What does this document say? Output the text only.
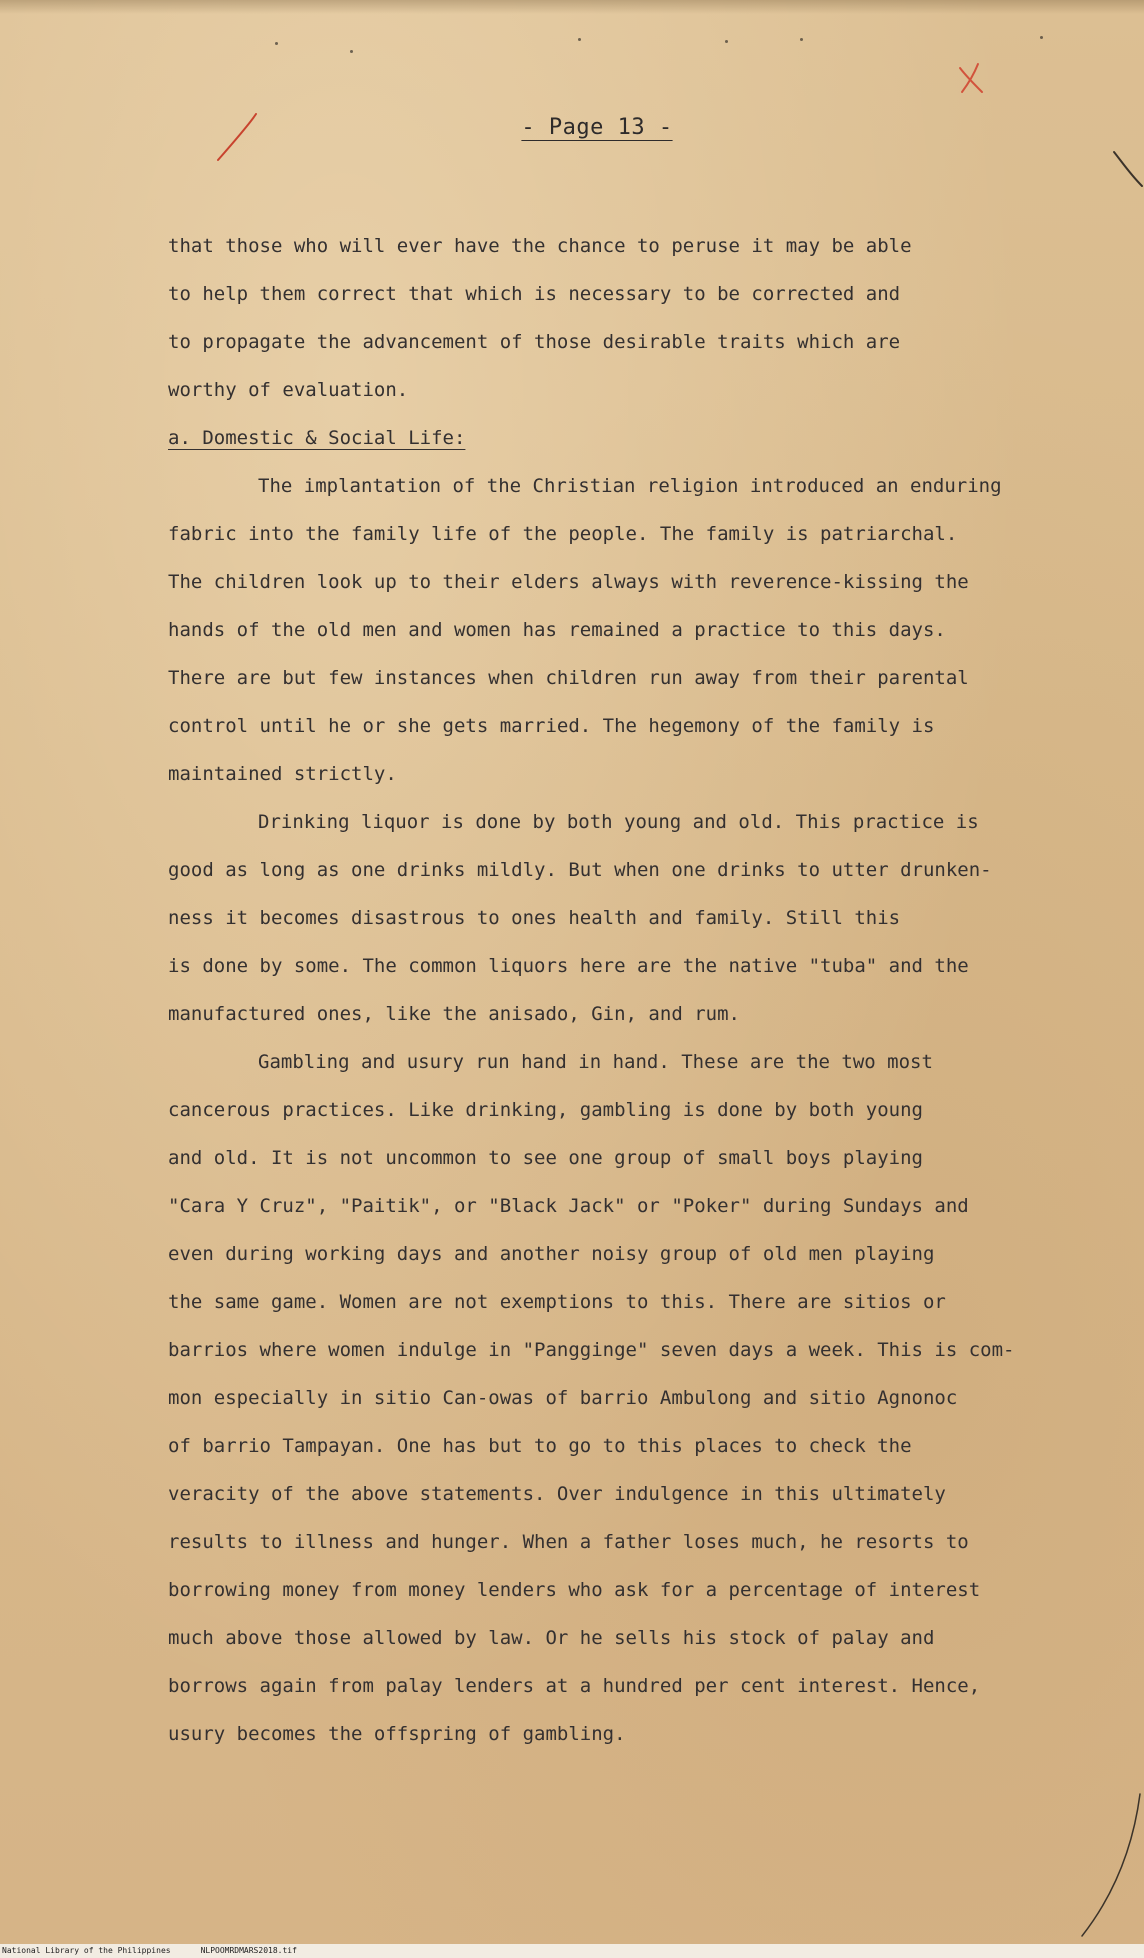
- Page 13 -
that those who will ever have the chance to peruse it may be able
to help them correct that which is necessary to be corrected and
to propagate the advancement of those desirable traits which are
worthy of evaluation.
a. Domestic & Social Life:
The implantation of the Christian religion introduced an enduring
fabric into the family life of the people. The family is patriarchal.
The children look up to their elders always with reverence-kissing the
hands of the old men and women has remained a practice to this days.
There are but few instances when children run away from their parental
control until he or she gets married. The hegemony of the family is
maintained strictly.
Drinking liquor is done by both young and old. This practice is
good as long as one drinks mildly. But when one drinks to utter drunken-
ness it becomes disastrous to ones health and family. Still this
is done by some. The common liquors here are the native "tuba" and the
manufactured ones, like the anisado, Gin, and rum.
Gambling and usury run hand in hand. These are the two most
cancerous practices. Like drinking, gambling is done by both young
and old. It is not uncommon to see one group of small boys playing
"Cara Y Cruz", "Paitik", or "Black Jack" or "Poker" during Sundays and
even during working days and another noisy group of old men playing
the same game. Women are not exemptions to this. There are sitios or
barrios where women indulge in "Pangginge" seven days a week. This is com-
mon especially in sitio Can-owas of barrio Ambulong and sitio Agnonoc
of barrio Tampayan. One has but to go to this places to check the
veracity of the above statements. Over indulgence in this ultimately
results to illness and hunger. When a father loses much, he resorts to
borrowing money from money lenders who ask for a percentage of interest
much above those allowed by law. Or he sells his stock of palay and
borrows again from palay lenders at a hundred per cent interest. Hence,
usury becomes the offspring of gambling.
National Library of the Philippines	NLPOOMRDMARS2018.tif
